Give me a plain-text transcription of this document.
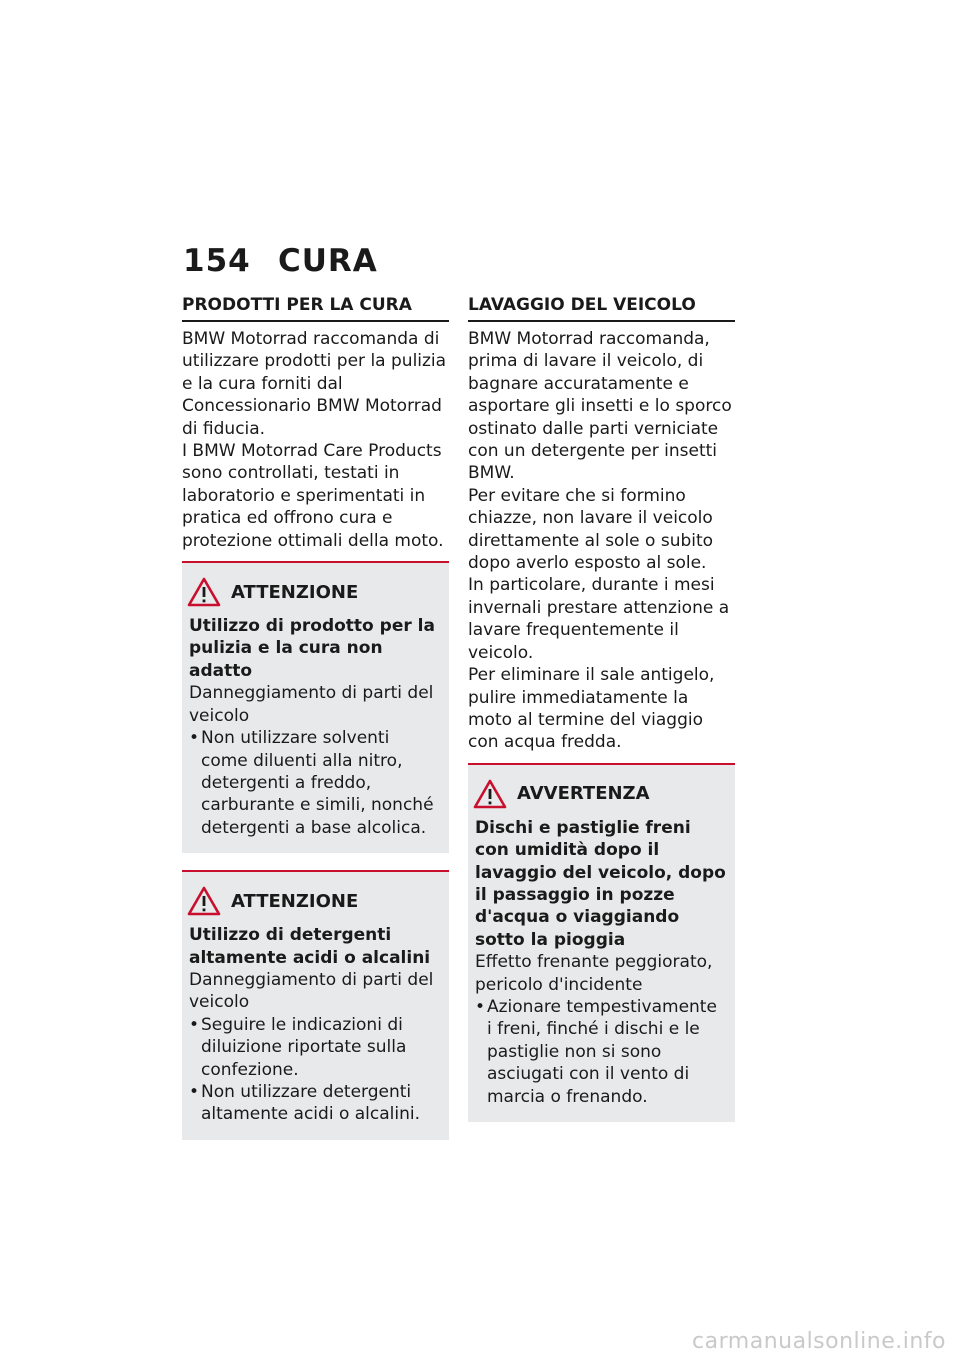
154 CURA
PRODOTTI PER LA CURA

BMW Motorrad raccomanda di utilizzare prodotti per la pulizia e la cura forniti dal Concessionario BMW Motorrad di fiducia.

I BMW Motorrad Care Products sono controllati, testati in laboratorio e sperimentati in pratica ed offrono cura e protezione ottimali della moto.

ATTENZIONE
Utilizzo di prodotto per la pulizia e la cura non adatto
Danneggiamento di parti del veicolo
• Non utilizzare solventi come diluenti alla nitro, detergenti a freddo, carburante e simili, nonché detergenti a base alcolica.
ATTENZIONE
Utilizzo di detergenti altamente acidi o alcalini
Danneggiamento di parti del veicolo
• Seguire le indicazioni di diluizione riportate sulla confezione.
• Non utilizzare detergenti altamente acidi o alcalini.
LAVAGGIO DEL VEICOLO

BMW Motorrad raccomanda, prima di lavare il veicolo, di bagnare accuratamente e asportare gli insetti e lo sporco ostinato dalle parti verniciate con un detergente per insetti BMW.

Per evitare che si formino chiazze, non lavare il veicolo direttamente al sole o subito dopo averlo esposto al sole.

In particolare, durante i mesi invernali prestare attenzione a lavare frequentemente il veicolo.

Per eliminare il sale antigelo, pulire immediatamente la moto al termine del viaggio con acqua fredda.

AVVERTENZA
Dischi e pastiglie freni con umidità dopo il lavaggio del veicolo, dopo il passaggio in pozze d'acqua o viaggiando sotto la pioggia
Effetto frenante peggiorato, pericolo d'incidente
• Azionare tempestivamente i freni, finché i dischi e le pastiglie non si sono asciugati con il vento di marcia o frenando.
carmanualsonline.info
